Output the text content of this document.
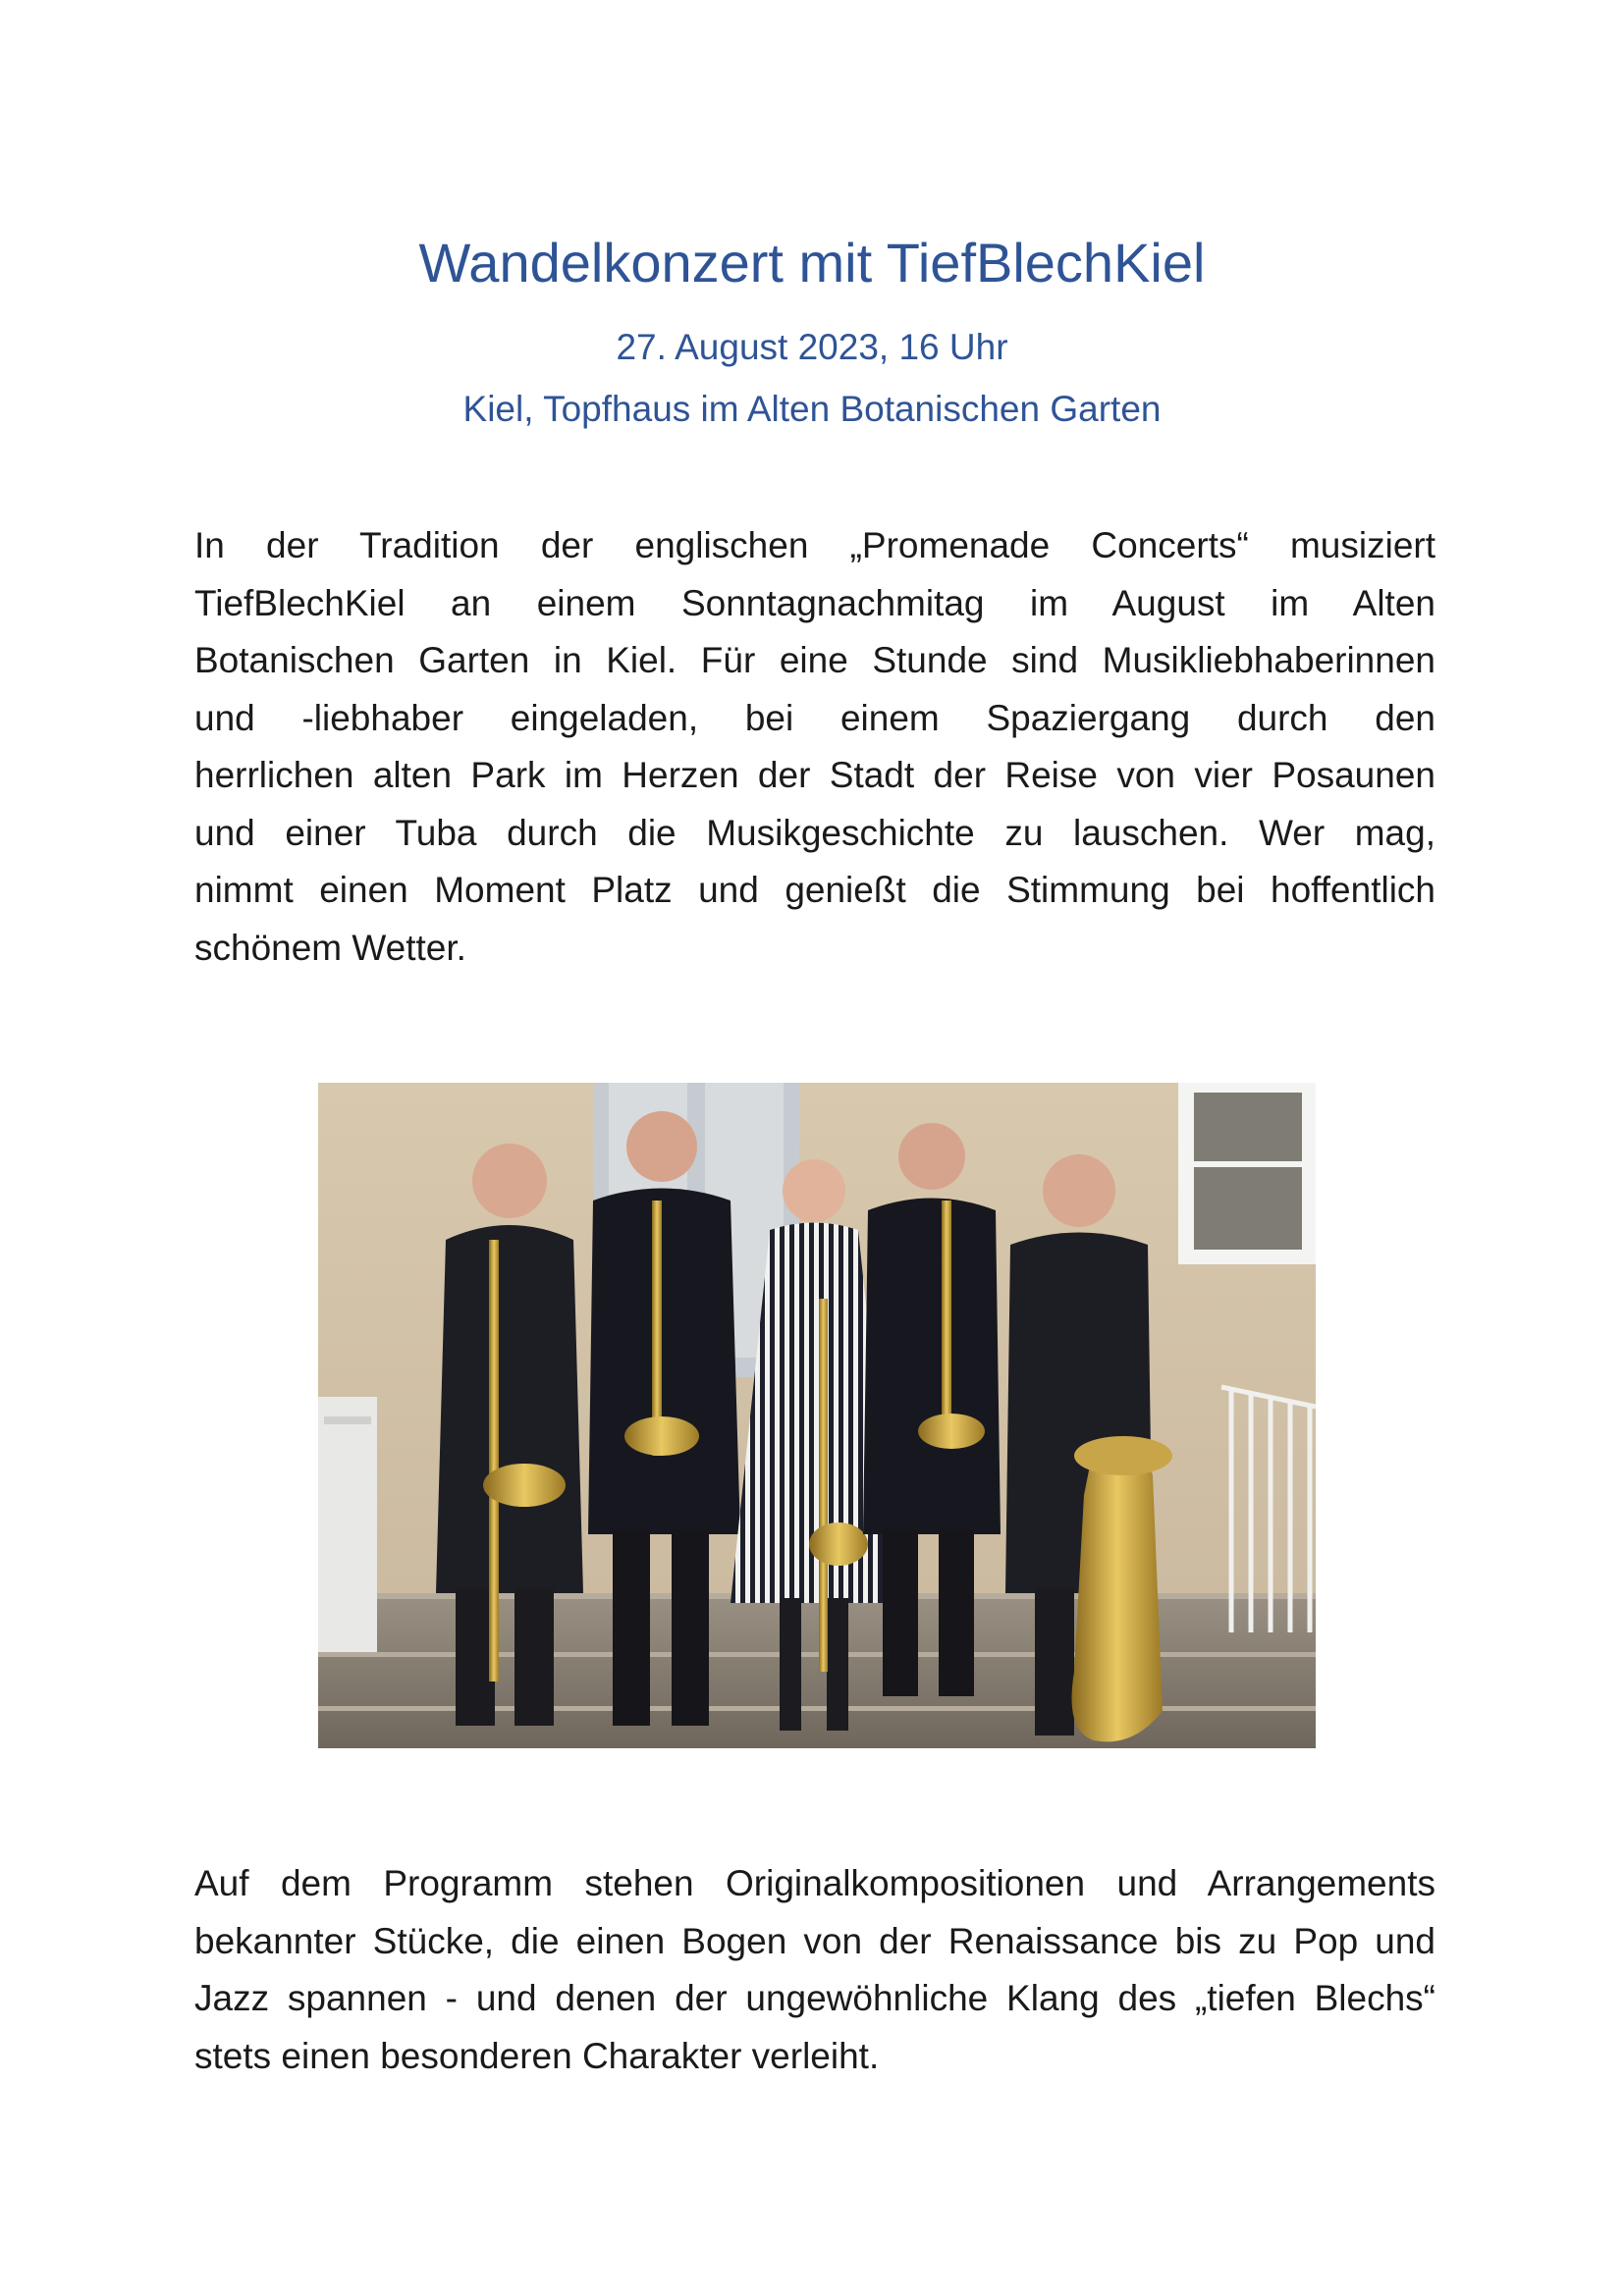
Wandelkonzert mit TiefBlechKiel

27. August 2023, 16 Uhr

Kiel, Topfhaus im Alten Botanischen Garten

In der Tradition der englischen „Promenade Concerts“ musiziert
TiefBlechKiel an einem Sonntagnachmitag im August im Alten
Botanischen Garten in Kiel. Für eine Stunde sind Musikliebhaberinnen
und -liebhaber eingeladen, bei einem Spaziergang durch den
herrlichen alten Park im Herzen der Stadt der Reise von vier Posaunen
und einer Tuba durch die Musikgeschichte zu lauschen. Wer mag,
nimmt einen Moment Platz und genießt die Stimmung bei hoffentlich
schönem Wetter.
Auf dem Programm stehen Originalkompositionen und Arrangements
bekannter Stücke, die einen Bogen von der Renaissance bis zu Pop und
Jazz spannen - und denen der ungewöhnliche Klang des „tiefen Blechs“
stets einen besonderen Charakter verleiht.
